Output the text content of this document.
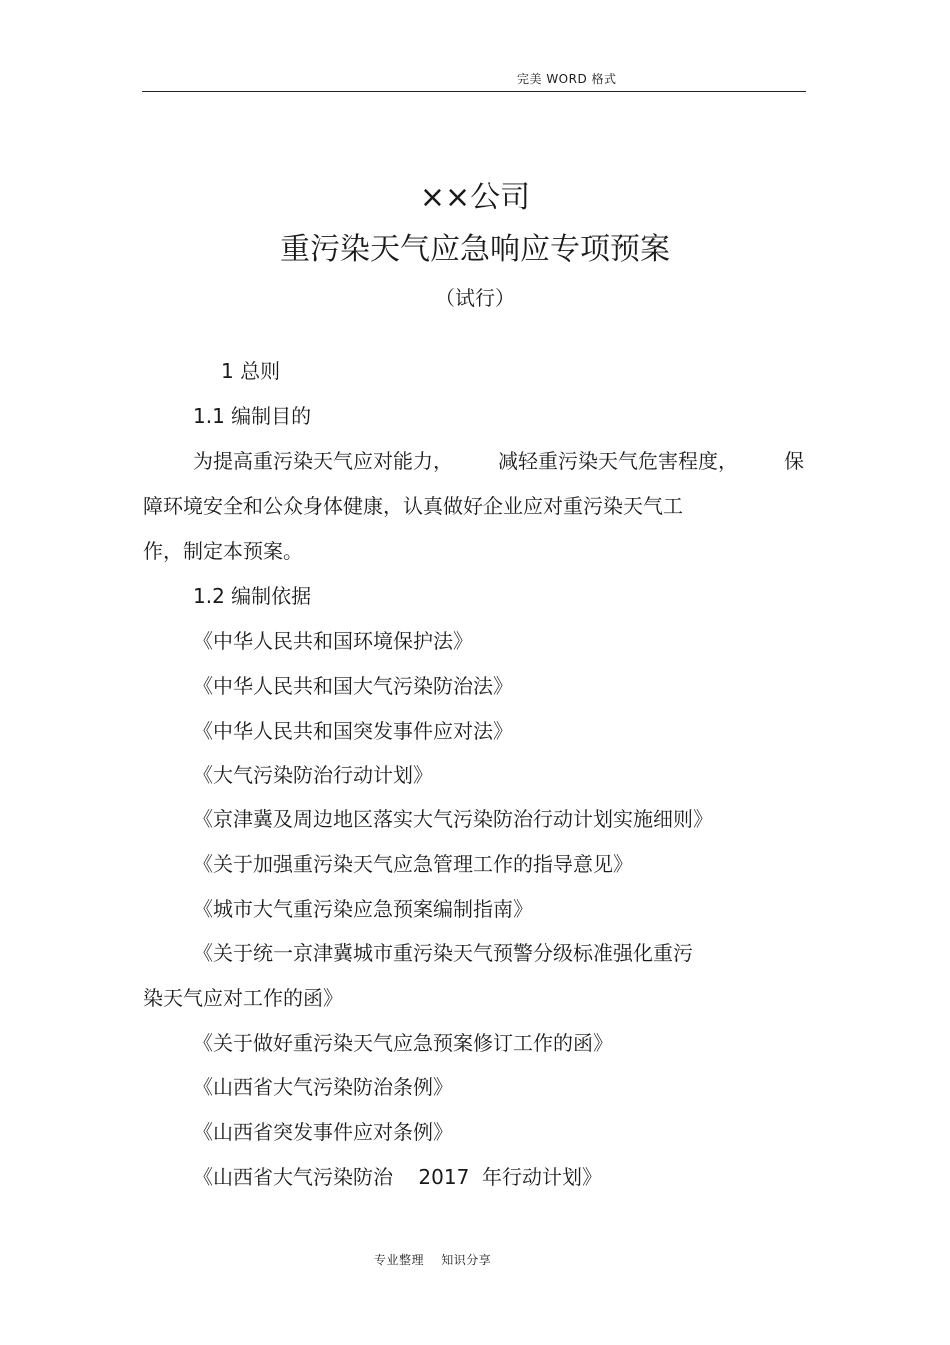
完美 WORD 格式
××公司
重污染天气应急响应专项预案
（试行）
1 总则
1.1 编制目的
为提高重污染天气应对能力， 减轻重污染天气危害程度， 保
障环境安全和公众身体健康，认真做好企业应对重污染天气工
作，制定本预案。
1.2 编制依据
《中华人民共和国环境保护法》
《中华人民共和国大气污染防治法》
《中华人民共和国突发事件应对法》
《大气污染防治行动计划》
《京津冀及周边地区落实大气污染防治行动计划实施细则》
《关于加强重污染天气应急管理工作的指导意见》
《城市大气重污染应急预案编制指南》
《关于统一京津冀城市重污染天气预警分级标准强化重污
染天气应对工作的函》
《关于做好重污染天气应急预案修订工作的函》
《山西省大气污染防治条例》
《山西省突发事件应对条例》
《山西省大气污染防治    2017  年行动计划》
专业整理    知识分享
